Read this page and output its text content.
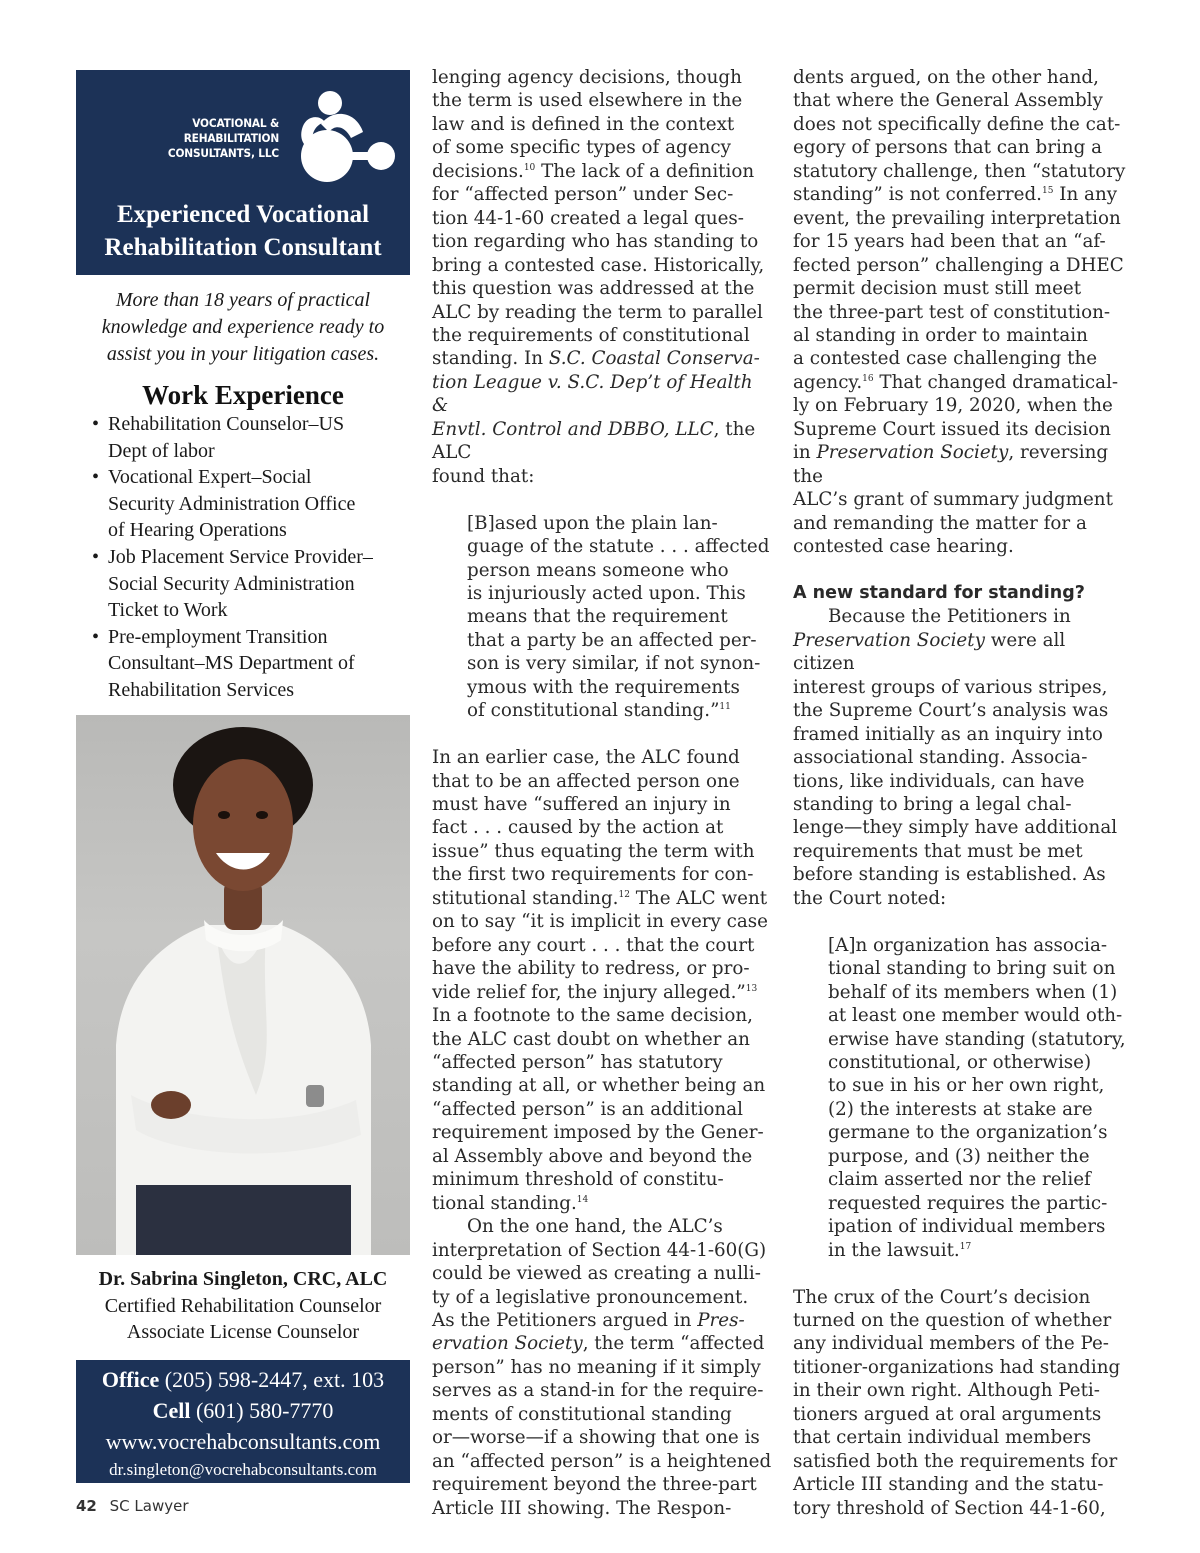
VOCATIONAL & REHABILITATION
CONSULTANTS, LLC
Experienced Vocational
Rehabilitation Consultant
More than 18 years of practical
knowledge and experience ready to
assist you in your litigation cases.
Work Experience
• Rehabilitation Counselor–US
Dept of labor
• Vocational Expert–Social
Security Administration Office
of Hearing Operations
• Job Placement Service Provider–
Social Security Administration
Ticket to Work
• Pre-employment Transition
Consultant–MS Department of
Rehabilitation Services
Dr. Sabrina Singleton, CRC, ALC
Certified Rehabilitation Counselor
Associate License Counselor
Office (205) 598-2447, ext. 103
Cell (601) 580-7770
www.vocrehabconsultants.com
dr.singleton@vocrehabconsultants.com

lenging agency decisions, though
the term is used elsewhere in the
law and is defined in the context
of some specific types of agency
decisions.$^{10}$ The lack of a definition
for “affected person” under Sec-
tion 44-1-60 created a legal ques-
tion regarding who has standing to
bring a contested case. Historically,
this question was addressed at the
ALC by reading the term to parallel
the requirements of constitutional
standing. In S.C. Coastal Conserva-
tion League v. S.C. Dep’t of Health &
Envtl. Control and DBBO, LLC, the ALC
found that:

[B]ased upon the plain lan-
guage of the statute . . . affected
person means someone who
is injuriously acted upon. This
means that the requirement
that a party be an affected per-
son is very similar, if not synon-
ymous with the requirements
of constitutional standing.”$^{11}$

In an earlier case, the ALC found
that to be an affected person one
must have “suffered an injury in
fact . . . caused by the action at
issue” thus equating the term with
the first two requirements for con-
stitutional standing.$^{12}$ The ALC went
on to say “it is implicit in every case
before any court . . . that the court
have the ability to redress, or pro-
vide relief for, the injury alleged.”$^{13}$
In a footnote to the same decision,
the ALC cast doubt on whether an
“affected person” has statutory
standing at all, or whether being an
“affected person” is an additional
requirement imposed by the Gener-
al Assembly above and beyond the
minimum threshold of constitu-
tional standing.$^{14}$

On the one hand, the ALC’s
interpretation of Section 44-1-60(G)
could be viewed as creating a nulli-
ty of a legislative pronouncement.
As the Petitioners argued in Pres-
ervation Society, the term “affected
person” has no meaning if it simply
serves as a stand-in for the require-
ments of constitutional standing
or—worse—if a showing that one is
an “affected person” is a heightened
requirement beyond the three-part
Article III showing. The Respon-

dents argued, on the other hand,
that where the General Assembly
does not specifically define the cat-
egory of persons that can bring a
statutory challenge, then “statutory
standing” is not conferred.$^{15}$ In any
event, the prevailing interpretation
for 15 years had been that an “af-
fected person” challenging a DHEC
permit decision must still meet
the three-part test of constitution-
al standing in order to maintain
a contested case challenging the
agency.$^{16}$ That changed dramatical-
ly on February 19, 2020, when the
Supreme Court issued its decision
in Preservation Society, reversing the
ALC’s grant of summary judgment
and remanding the matter for a
contested case hearing.

A new standard for standing?

Because the Petitioners in
Preservation Society were all citizen
interest groups of various stripes,
the Supreme Court’s analysis was
framed initially as an inquiry into
associational standing. Associa-
tions, like individuals, can have
standing to bring a legal chal-
lenge—they simply have additional
requirements that must be met
before standing is established. As
the Court noted:

[A]n organization has associa-
tional standing to bring suit on
behalf of its members when (1)
at least one member would oth-
erwise have standing (statutory,
constitutional, or otherwise)
to sue in his or her own right,
(2) the interests at stake are
germane to the organization’s
purpose, and (3) neither the
claim asserted nor the relief
requested requires the partic-
ipation of individual members
in the lawsuit.$^{17}$

The crux of the Court’s decision
turned on the question of whether
any individual members of the Pe-
titioner-organizations had standing
in their own right. Although Peti-
tioners argued at oral arguments
that certain individual members
satisfied both the requirements for
Article III standing and the statu-
tory threshold of Section 44-1-60,

42 SC Lawyer
